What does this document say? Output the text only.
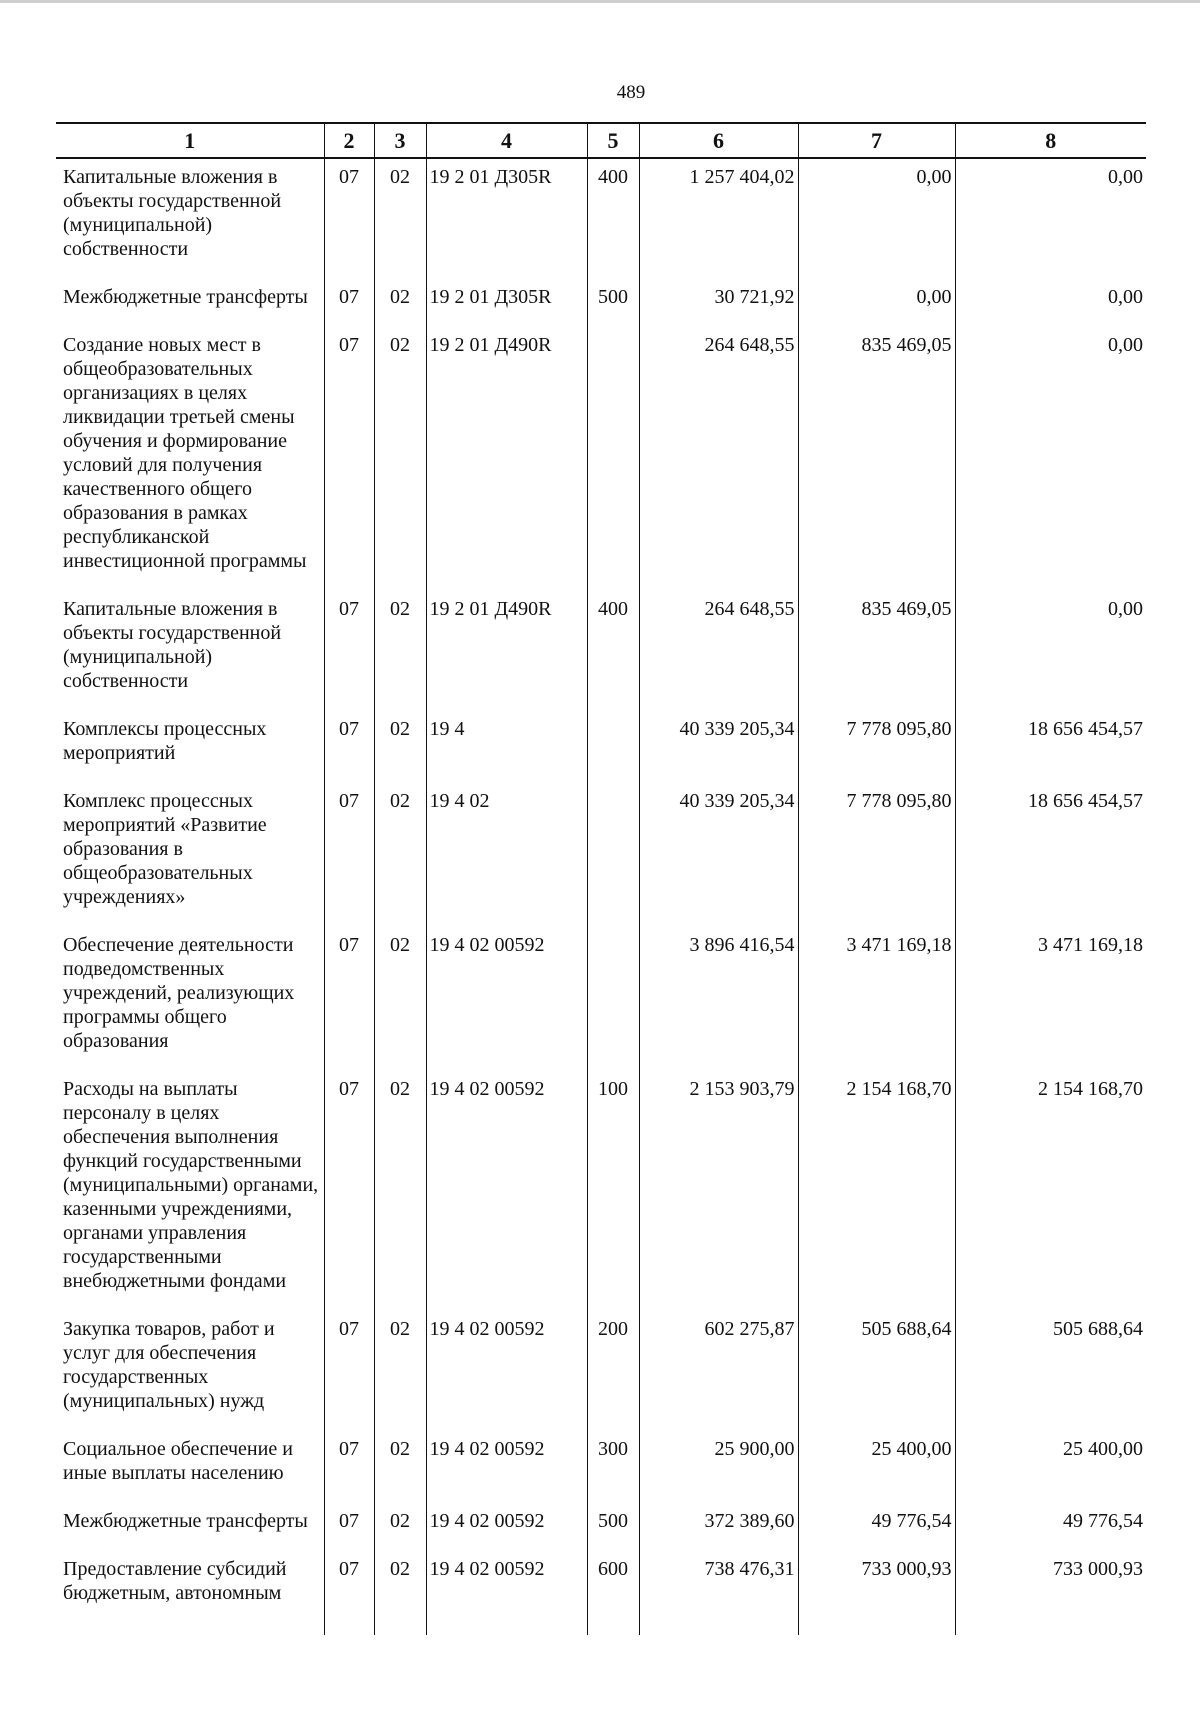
489
1	2	3	4	5	6	7	8
Капитальные вложения в объекты государственной (муниципальной) собственности	07	02	19 2 01 Д305R	400	1 257 404,02	0,00	0,00
Межбюджетные трансферты	07	02	19 2 01 Д305R	500	30 721,92	0,00	0,00
Создание новых мест в общеобразовательных организациях в целях ликвидации третьей смены обучения и формирование условий для получения качественного общего образования в рамках республиканской инвестиционной программы	07	02	19 2 01 Д490R		264 648,55	835 469,05	0,00
Капитальные вложения в объекты государственной (муниципальной) собственности	07	02	19 2 01 Д490R	400	264 648,55	835 469,05	0,00
Комплексы процессных мероприятий	07	02	19 4		40 339 205,34	7 778 095,80	18 656 454,57
Комплекс процессных мероприятий «Развитие образования в общеобразовательных учреждениях»	07	02	19 4 02		40 339 205,34	7 778 095,80	18 656 454,57
Обеспечение деятельности подведомственных учреждений, реализующих программы общего образования	07	02	19 4 02 00592		3 896 416,54	3 471 169,18	3 471 169,18
Расходы на выплаты персоналу в целях обеспечения выполнения функций государственными (муниципальными) органами, казенными учреждениями, органами управления государственными внебюджетными фондами	07	02	19 4 02 00592	100	2 153 903,79	2 154 168,70	2 154 168,70
Закупка товаров, работ и услуг для обеспечения государственных (муниципальных) нужд	07	02	19 4 02 00592	200	602 275,87	505 688,64	505 688,64
Социальное обеспечение и иные выплаты населению	07	02	19 4 02 00592	300	25 900,00	25 400,00	25 400,00
Межбюджетные трансферты	07	02	19 4 02 00592	500	372 389,60	49 776,54	49 776,54
Предоставление субсидий бюджетным, автономным	07	02	19 4 02 00592	600	738 476,31	733 000,93	733 000,93
